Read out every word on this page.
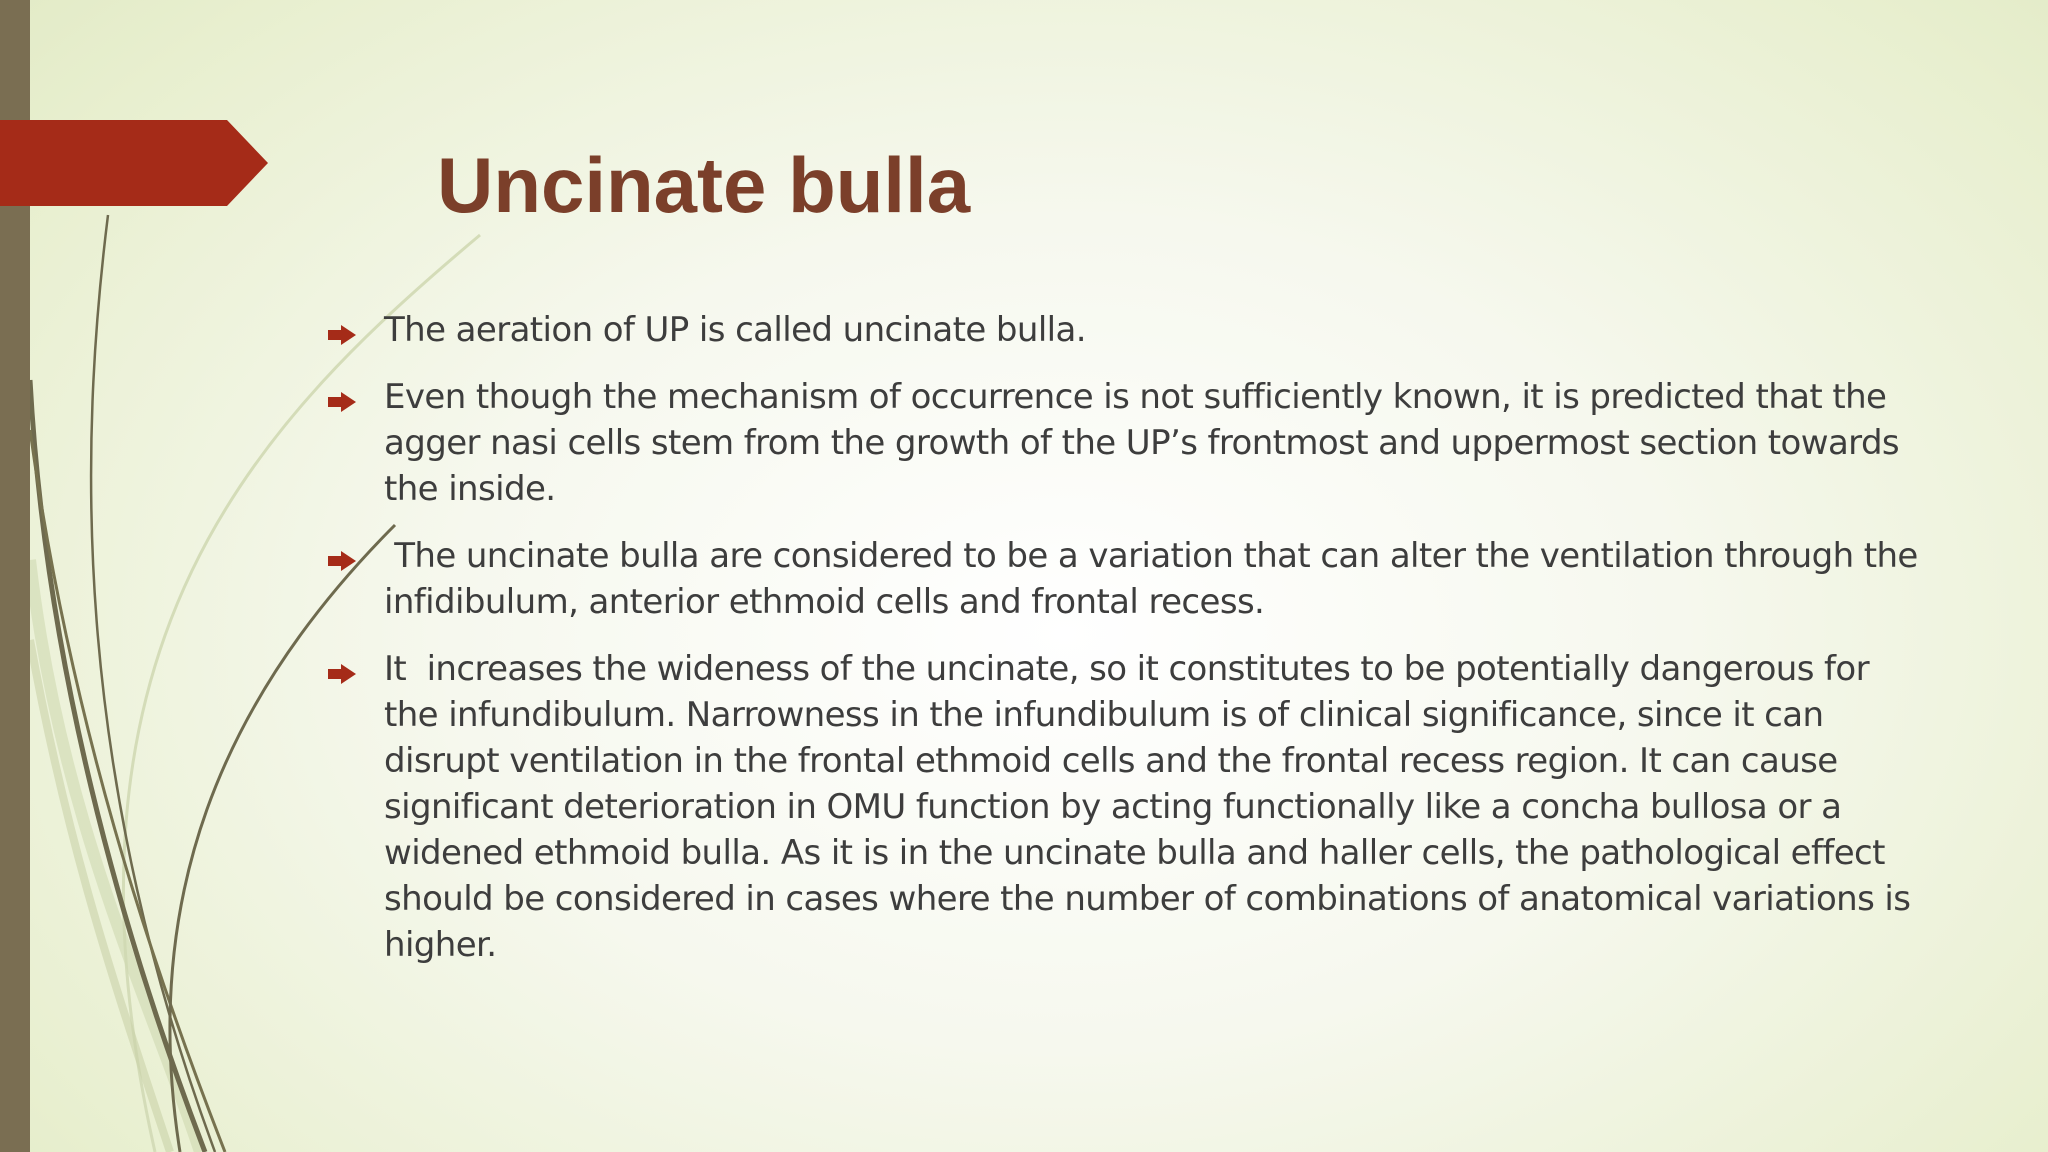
Uncinate bulla
The aeration of UP is called uncinate bulla.
Even though the mechanism of occurrence is not sufficiently known, it is predicted that the agger nasi cells stem from the growth of the UP’s frontmost and uppermost section towards the inside.
The uncinate bulla are considered to be a variation that can alter the ventilation through the infidibulum, anterior ethmoid cells and frontal recess.
It  increases the wideness of the uncinate, so it constitutes to be potentially dangerous for the infundibulum. Narrowness in the infundibulum is of clinical significance, since it can disrupt ventilation in the frontal ethmoid cells and the frontal recess region. It can cause significant deterioration in OMU function by acting functionally like a concha bullosa or a widened ethmoid bulla. As it is in the uncinate bulla and haller cells, the pathological effect should be considered in cases where the number of combinations of anatomical variations is higher.
